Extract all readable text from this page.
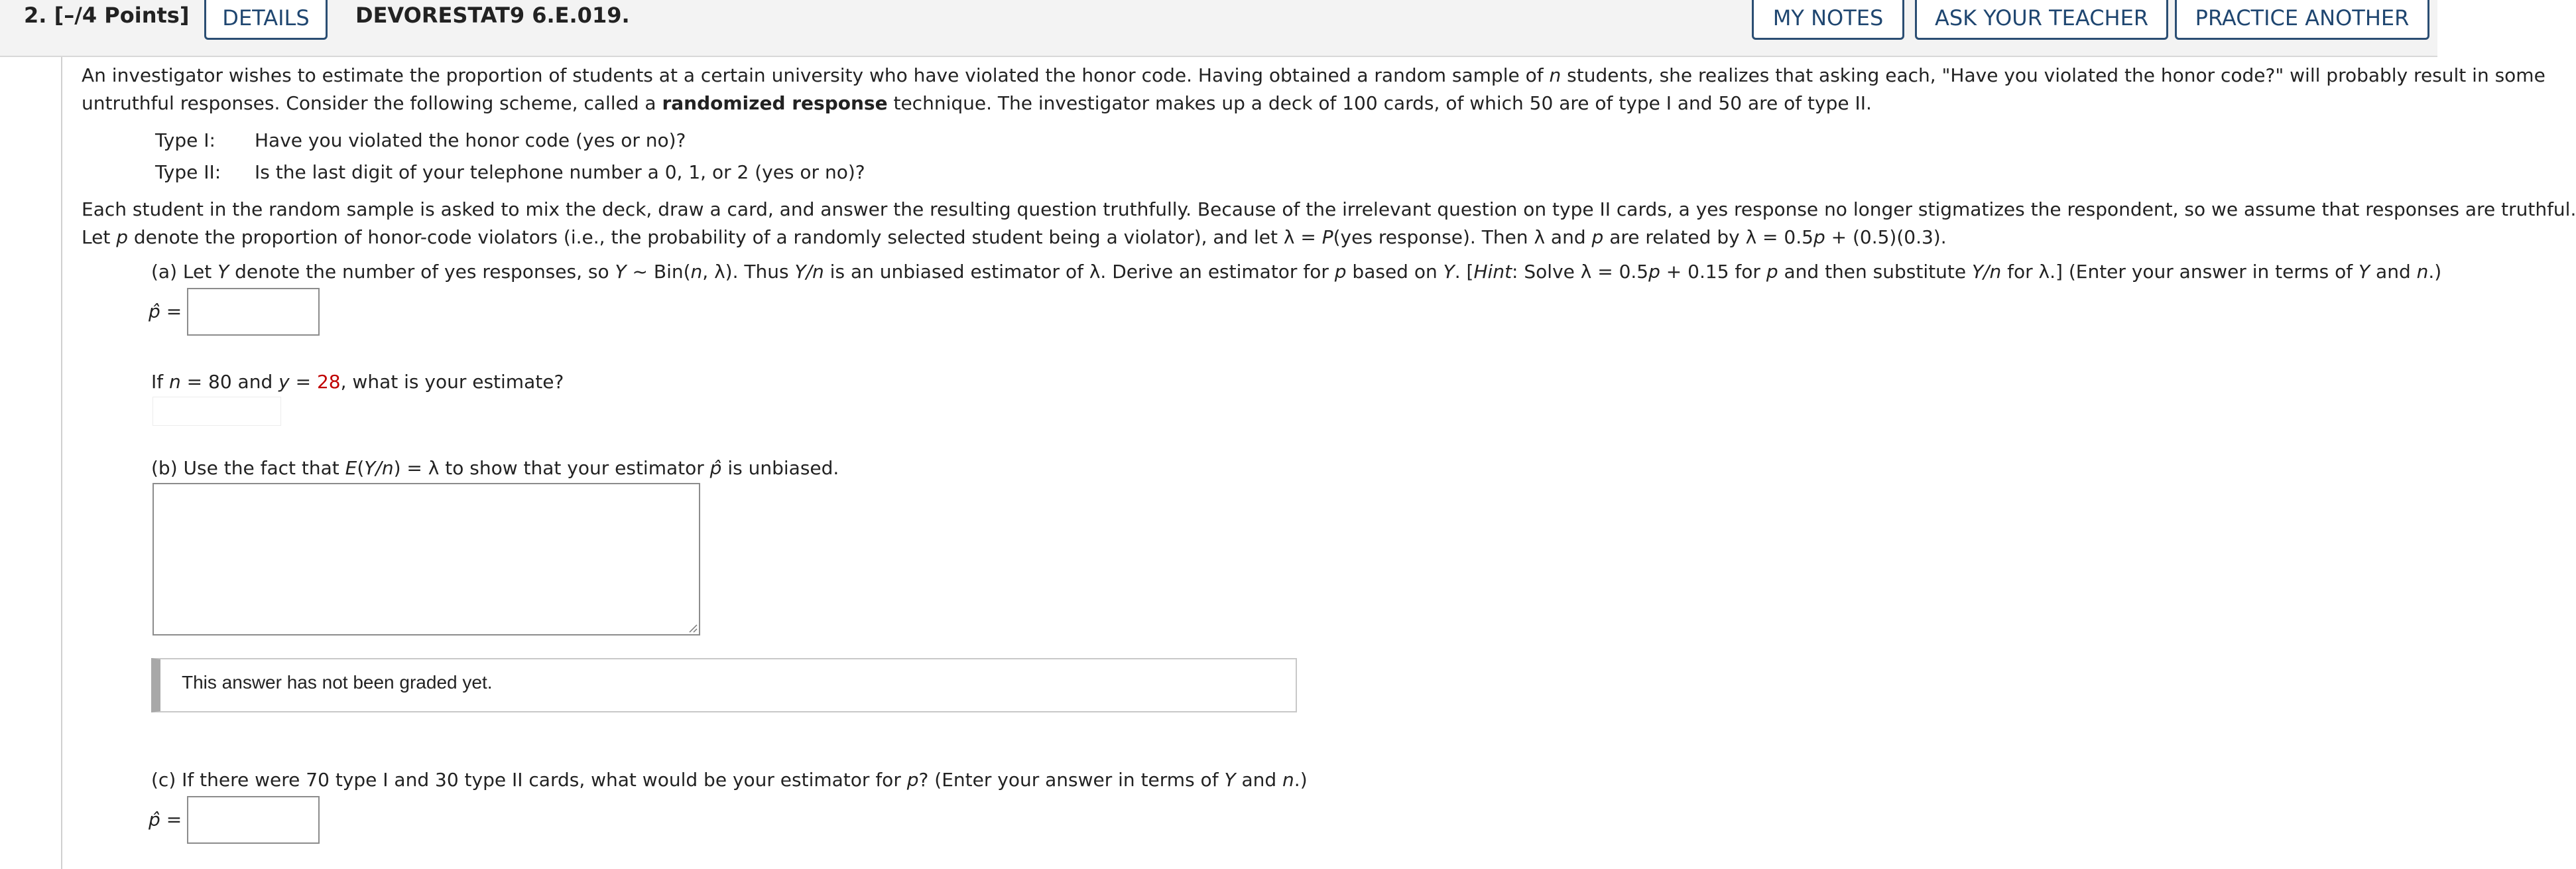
2. [–/4 Points]	DETAILS	DEVORESTAT9 6.E.019.	MY NOTES	ASK YOUR TEACHER	PRACTICE ANOTHER
An investigator wishes to estimate the proportion of students at a certain university who have violated the honor code. Having obtained a random sample of n students, she realizes that asking each, "Have you violated the honor code?" will probably result in some
untruthful responses. Consider the following scheme, called a randomized response technique. The investigator makes up a deck of 100 cards, of which 50 are of type I and 50 are of type II.
Type I: Have you violated the honor code (yes or no)?
Type II: Is the last digit of your telephone number a 0, 1, or 2 (yes or no)?
Each student in the random sample is asked to mix the deck, draw a card, and answer the resulting question truthfully. Because of the irrelevant question on type II cards, a yes response no longer stigmatizes the respondent, so we assume that responses are truthful.
Let p denote the proportion of honor-code violators (i.e., the probability of a randomly selected student being a violator), and let λ = P(yes response). Then λ and p are related by λ = 0.5p + (0.5)(0.3).
(a) Let Y denote the number of yes responses, so Y ~ Bin(n, λ). Thus Y/n is an unbiased estimator of λ. Derive an estimator for p based on Y. [Hint: Solve λ = 0.5p + 0.15 for p and then substitute Y/n for λ.] (Enter your answer in terms of Y and n.)
p̂ =
If n = 80 and y = 28, what is your estimate?
(b) Use the fact that E(Y/n) = λ to show that your estimator p̂ is unbiased.
This answer has not been graded yet.
(c) If there were 70 type I and 30 type II cards, what would be your estimator for p? (Enter your answer in terms of Y and n.)
p̂ =
